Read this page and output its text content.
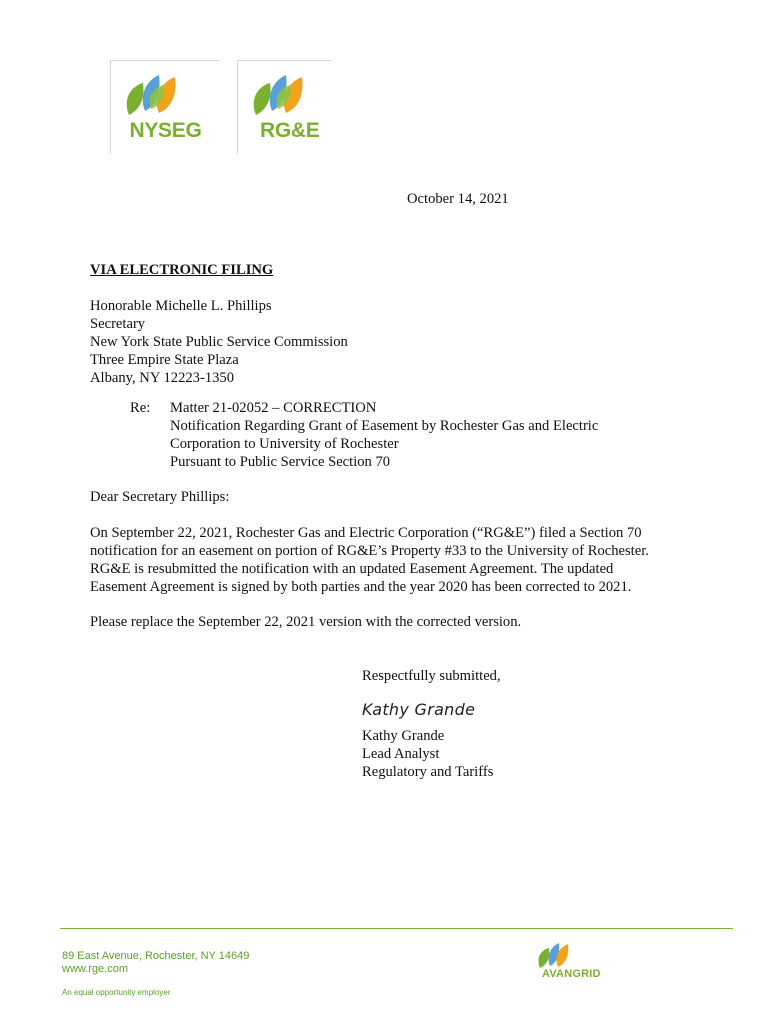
NYSEG	RG&E
October 14, 2021
VIA ELECTRONIC FILING
Honorable Michelle L. Phillips
Secretary
New York State Public Service Commission
Three Empire State Plaza
Albany, NY 12223-1350
Re: Matter 21-02052 – CORRECTION
Notification Regarding Grant of Easement by Rochester Gas and Electric
Corporation to University of Rochester
Pursuant to Public Service Section 70
Dear Secretary Phillips:
On September 22, 2021, Rochester Gas and Electric Corporation (“RG&E”) filed a Section 70
notification for an easement on portion of RG&E’s Property #33 to the University of Rochester.
RG&E is resubmitted the notification with an updated Easement Agreement. The updated
Easement Agreement is signed by both parties and the year 2020 has been corrected to 2021.
Please replace the September 22, 2021 version with the corrected version.
Respectfully submitted,
Kathy Grande
Kathy Grande
Lead Analyst
Regulatory and Tariffs
89 East Avenue, Rochester, NY 14649
www.rge.com
An equal opportunity employer
AVANGRID
